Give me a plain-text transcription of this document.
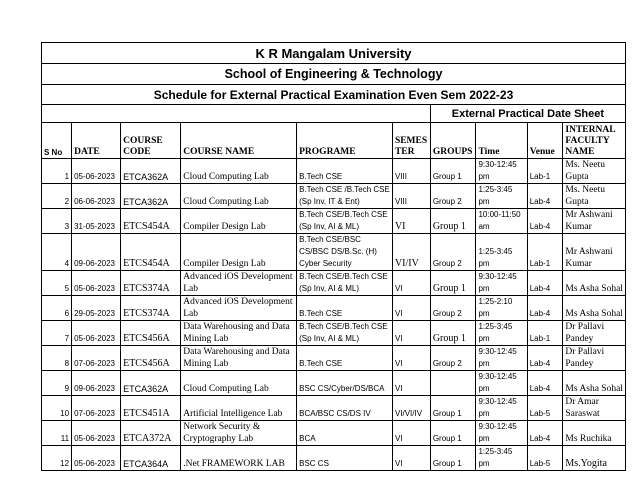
K R Mangalam University									
School of Engineering & Technology									
Schedule for External Practical Examination Even Sem 2022-23									
						External Practical Date Sheet			
S No	DATE	COURSE CODE	COURSE NAME	PROGRAME	SEMES TER	GROUPS	Time	Venue	INTERNAL FACULTY NAME
1	05-06-2023	ETCA362A	Cloud Computing Lab	B.Tech CSE	VIII	Group 1	9:30-12:45 pm	Lab-1	Ms. Neetu Gupta
2	06-06-2023	ETCA362A	Cloud Computing Lab	B.Tech CSE /B.Tech CSE (Sp Inv, IT & Ent)	VIII	Group 2	1:25-3:45 pm	Lab-4	Ms. Neetu Gupta
3	31-05-2023	ETCS454A	Compiler Design Lab	B.Tech CSE/B.Tech CSE (Sp Inv, AI & ML)	VI	Group 1	10:00-11:50 am	Lab-4	Mr Ashwani Kumar
4	09-06-2023	ETCS454A	Compiler Design Lab	B.Tech CSE/BSC CS/BSC DS/B.Sc. (H) Cyber Security	VI/IV	Group 2	1:25-3:45 pm	Lab-1	Mr Ashwani Kumar
5	05-06-2023	ETCS374A	Advanced iOS Development Lab	B.Tech CSE/B.Tech CSE (Sp Inv, AI & ML)	VI	Group 1	9:30-12:45 pm	Lab-4	Ms Asha Sohal
6	29-05-2023	ETCS374A	Advanced iOS Development Lab	B.Tech CSE	VI	Group 2	1:25-2:10 pm	Lab-4	Ms Asha Sohal
7	05-06-2023	ETCS456A	Data Warehousing and Data Mining Lab	B.Tech CSE/B.Tech CSE (Sp Inv, AI & ML)	VI	Group 1	1:25-3:45 pm	Lab-1	Dr Pallavi Pandey
8	07-06-2023	ETCS456A	Data Warehousing and Data Mining Lab	B.Tech CSE	VI	Group 2	9:30-12:45 pm	Lab-4	Dr Pallavi Pandey
9	09-06-2023	ETCA362A	Cloud Computing Lab	BSC CS/Cyber/DS/BCA	VI		9:30-12:45 pm	Lab-4	Ms Asha Sohal
10	07-06-2023	ETCS451A	Artificial Intelligence Lab	BCA/BSC CS/DS IV	VI/VI/IV	Group 1	9:30-12:45 pm	Lab-5	Dr Amar Saraswat
11	05-06-2023	ETCA372A	Network Security & Cryptography Lab	BCA	VI	Group 1	9:30-12:45 pm	Lab-4	Ms Ruchika
12	05-06-2023	ETCA364A	.Net FRAMEWORK LAB	BSC CS	VI	Group 1	1:25-3:45 pm	Lab-5	Ms.Yogita
